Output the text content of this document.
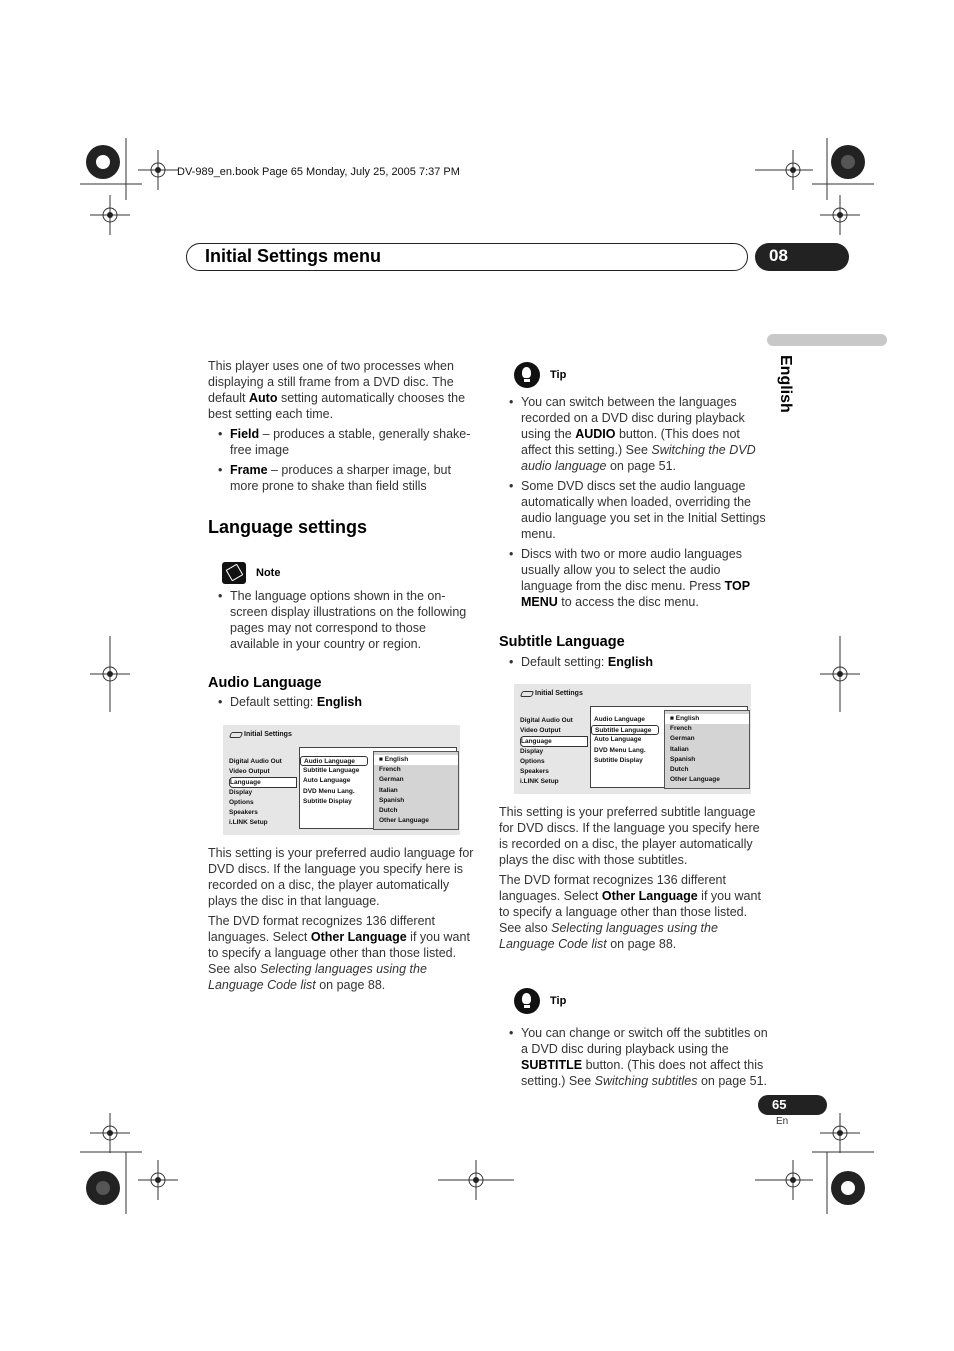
DV-989_en.book Page 65 Monday, July 25, 2005 7:37 PM
Initial Settings menu	08
English

This player uses one of two processes when displaying a still frame from a DVD disc. The default Auto setting automatically chooses the best setting each time.

• Field – produces a stable, generally shake-free image
• Frame – produces a sharper image, but more prone to shake than field stills
Language settings
Note
• The language options shown in the on-screen display illustrations on the following pages may not correspond to those available in your country or region.
Audio Language
• Default setting: English
Initial Settings
Digital Audio Out
Video Output
Language
Display
Options
Speakers
i.LINK Setup
Audio Language
Subtitle Language
Auto Language
DVD Menu Lang.
Subtitle Display
■ English
French
German
Italian
Spanish
Dutch
Other Language

This setting is your preferred audio language for DVD discs. If the language you specify here is recorded on a disc, the player automatically plays the disc in that language.

The DVD format recognizes 136 different languages. Select Other Language if you want to specify a language other than those listed. See also Selecting languages using the Language Code list on page 88.

Tip
• You can switch between the languages recorded on a DVD disc during playback using the AUDIO button. (This does not affect this setting.) See Switching the DVD audio language on page 51.
• Some DVD discs set the audio language automatically when loaded, overriding the audio language you set in the Initial Settings menu.
• Discs with two or more audio languages usually allow you to select the audio language from the disc menu. Press TOP MENU to access the disc menu.
Subtitle Language
• Default setting: English
Initial Settings
Digital Audio Out
Video Output
Language
Display
Options
Speakers
i.LINK Setup
Audio Language
Subtitle Language
Auto Language
DVD Menu Lang.
Subtitle Display
■ English
French
German
Italian
Spanish
Dutch
Other Language

This setting is your preferred subtitle language for DVD discs. If the language you specify here is recorded on a disc, the player automatically plays the disc with those subtitles.

The DVD format recognizes 136 different languages. Select Other Language if you want to specify a language other than those listed. See also Selecting languages using the Language Code list on page 88.

Tip
• You can change or switch off the subtitles on a DVD disc during playback using the SUBTITLE button. (This does not affect this setting.) See Switching subtitles on page 51.
65
En
